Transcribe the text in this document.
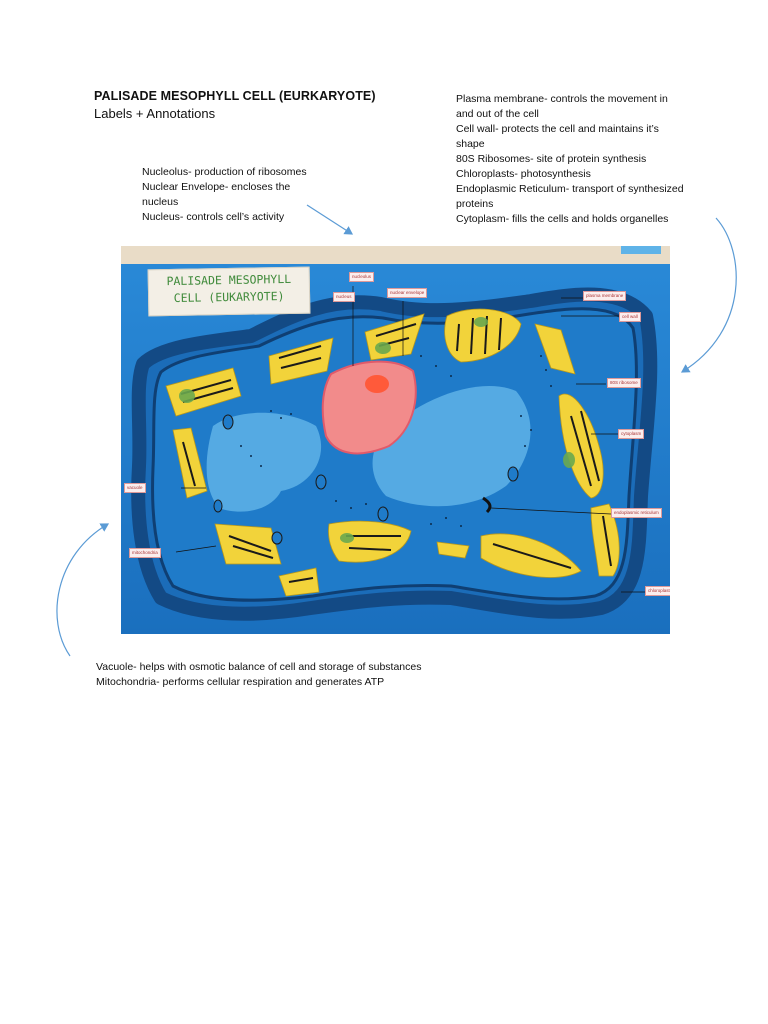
PALISADE MESOPHYLL CELL (EURKARYOTE)
Labels + Annotations
Nucleolus- production of ribosomes
Nuclear Envelope- encloses the
nucleus
Nucleus- controls cell’s activity
Plasma membrane- controls the movement in
and out of the cell
Cell wall- protects the cell and maintains it’s
shape
80S Ribosomes- site of protein synthesis
Chloroplasts- photosynthesis
Endoplasmic Reticulum- transport of synthesized
proteins
Cytoplasm- fills the cells and holds organelles
Vacuole- helps with osmotic balance of cell and storage of substances
Mitochondria- performs cellular respiration and generates ATP
PALISADE MESOPHYLL
CELL (EUKARYOTE)
nucleolus
nucleus
nuclear envelope
plasma membrane
cell wall
80S ribosome
cytoplasm
vacuole
mitochondria
endoplasmic reticulum
chloroplast
